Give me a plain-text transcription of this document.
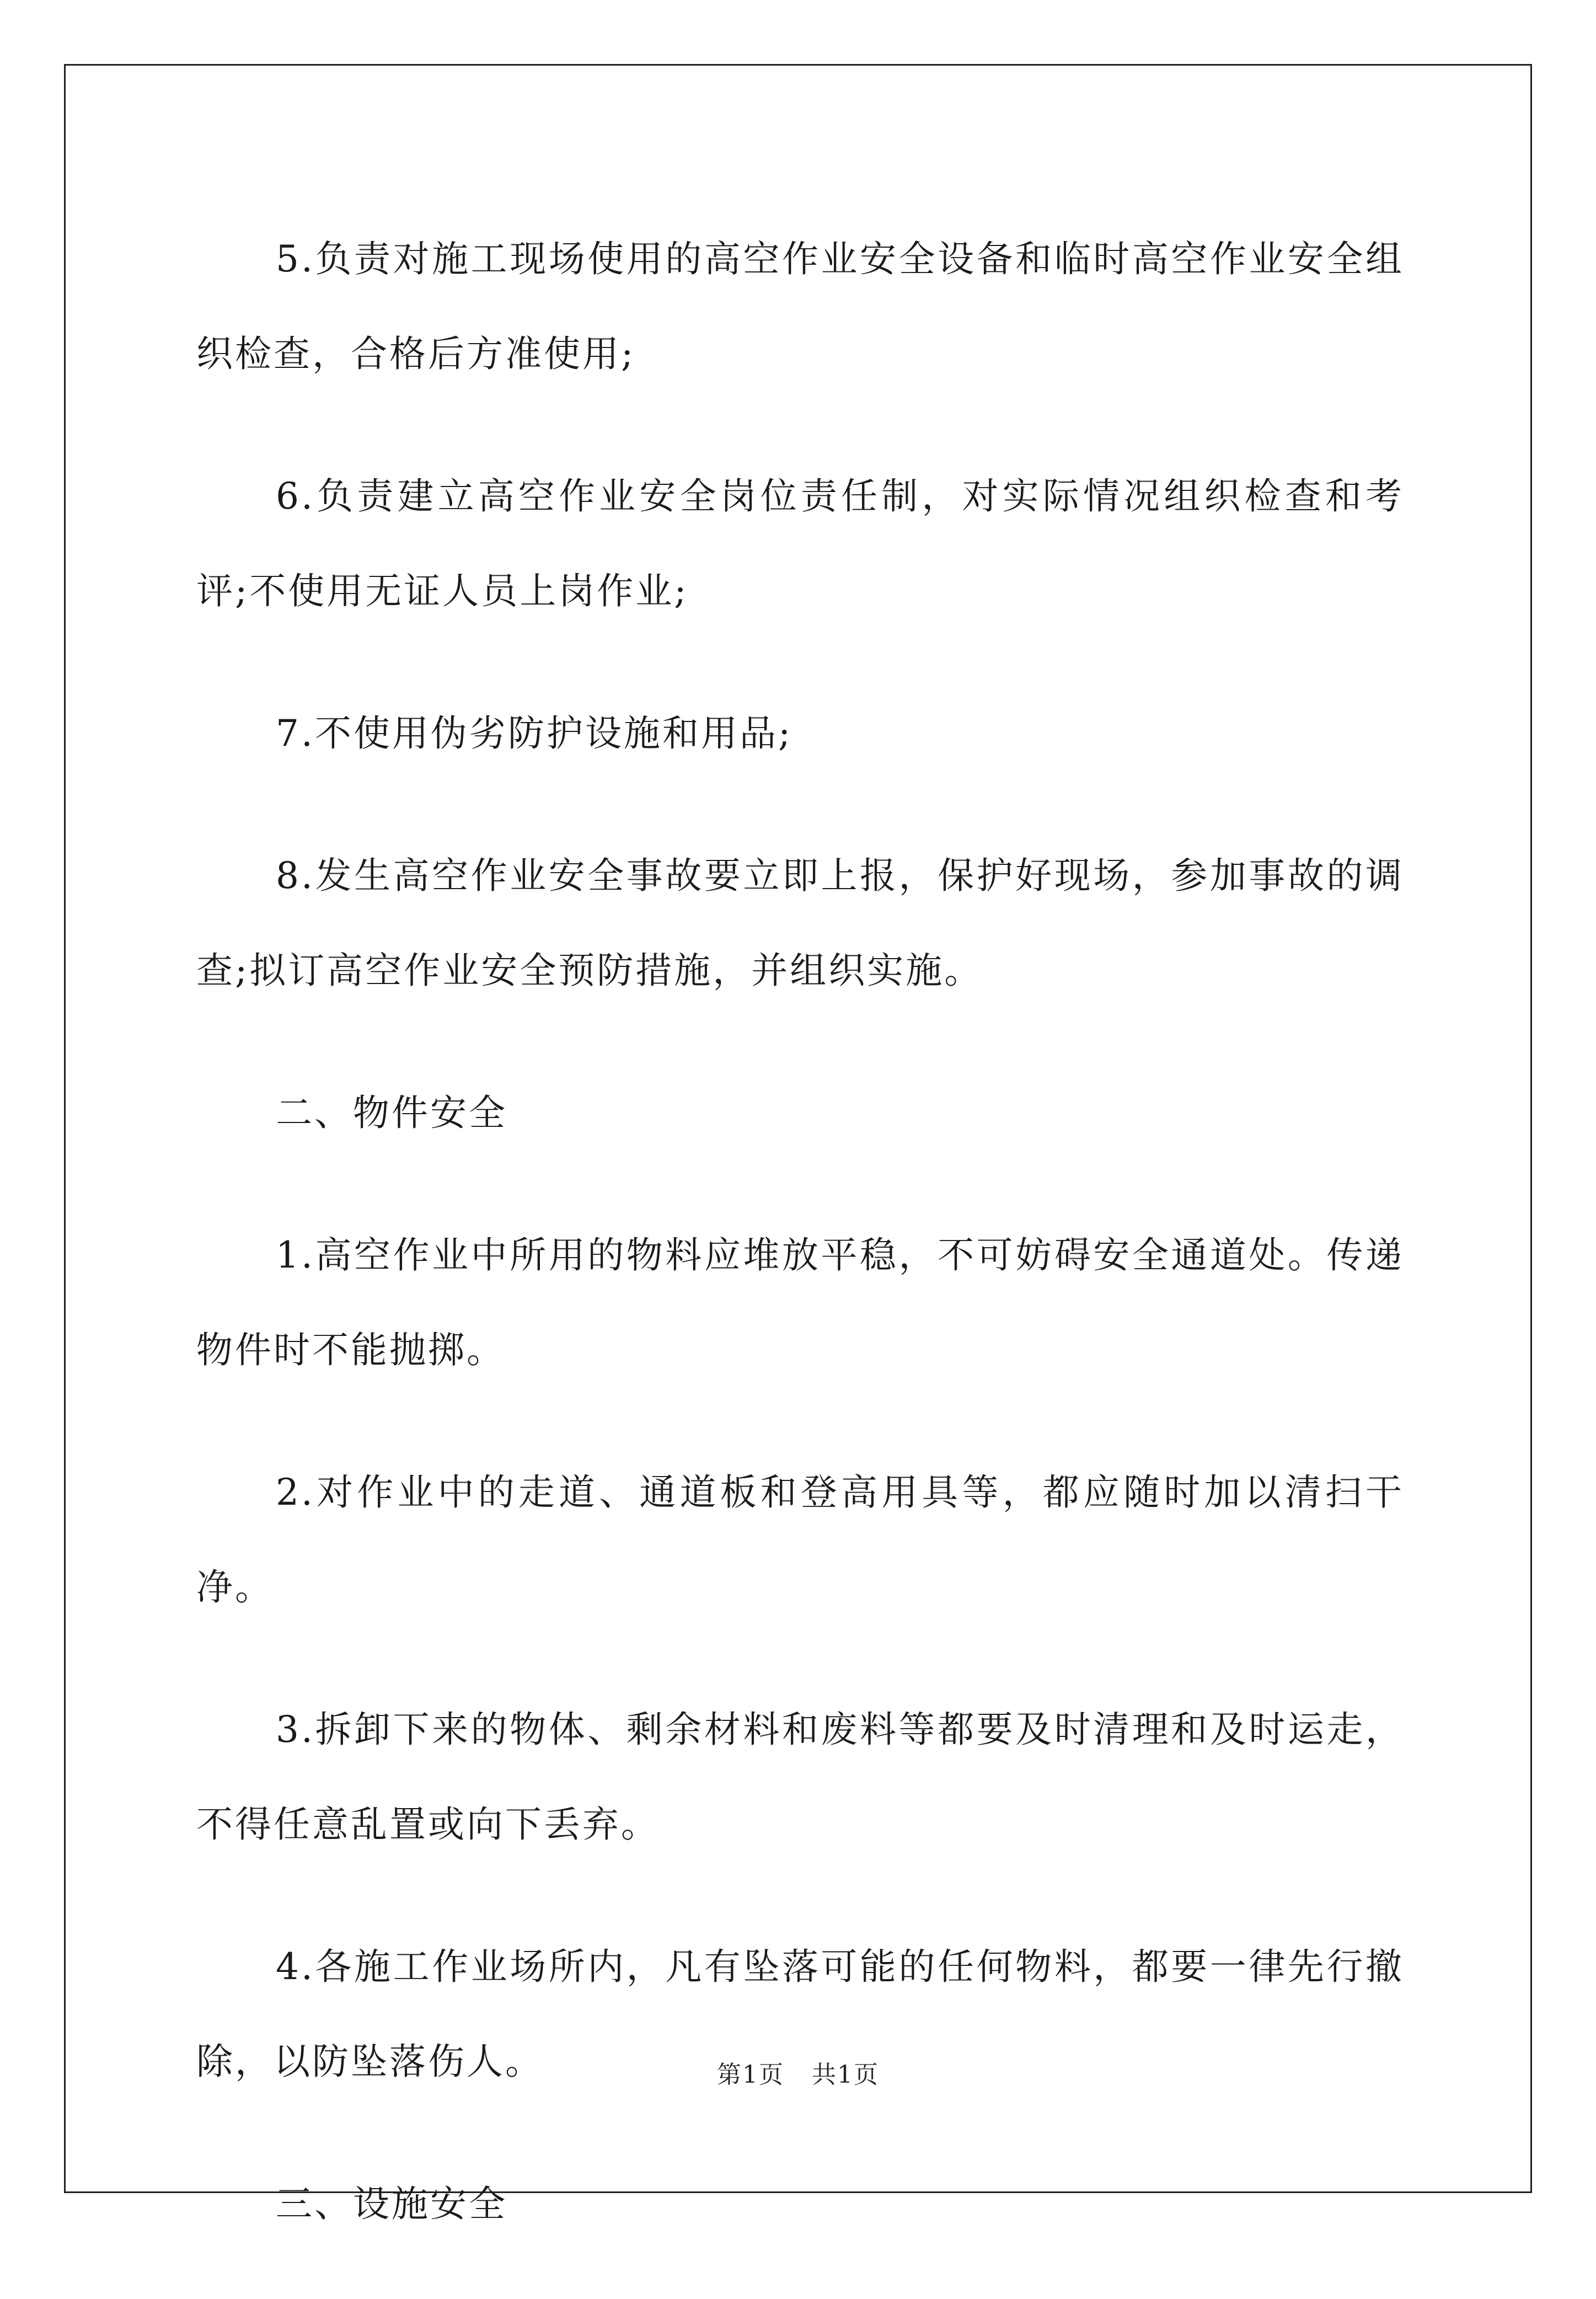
5.负责对施工现场使用的高空作业安全设备和临时高空作业安全组织检查，合格后方准使用;

6.负责建立高空作业安全岗位责任制，对实际情况组织检查和考评;不使用无证人员上岗作业;

7.不使用伪劣防护设施和用品;

8.发生高空作业安全事故要立即上报，保护好现场，参加事故的调查;拟订高空作业安全预防措施，并组织实施。

二、物件安全

1.高空作业中所用的物料应堆放平稳，不可妨碍安全通道处。传递物件时不能抛掷。

2.对作业中的走道、通道板和登高用具等，都应随时加以清扫干净。

3.拆卸下来的物体、剩余材料和废料等都要及时清理和及时运走，不得任意乱置或向下丢弃。

4.各施工作业场所内，凡有坠落可能的任何物料，都要一律先行撤除，以防坠落伤人。

三、设施安全

第1页 共1页
